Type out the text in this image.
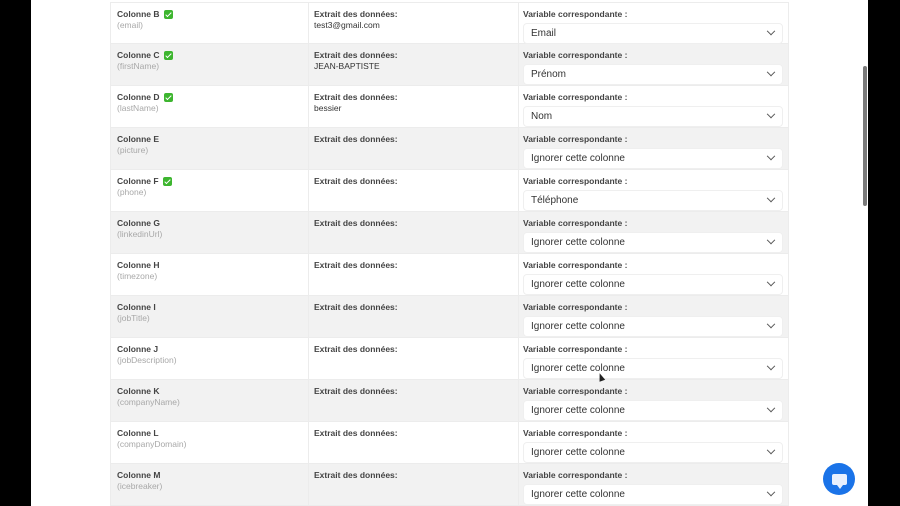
Colonne B
(email)
Extrait des données:
test3@gmail.com
Variable correspondante :
Email
Colonne C
(firstName)
Extrait des données:
JEAN-BAPTISTE
Variable correspondante :
Prénom
Colonne D
(lastName)
Extrait des données:
bessier
Variable correspondante :
Nom
Colonne E
(picture)
Extrait des données:	Variable correspondante :
Ignorer cette colonne
Colonne F
(phone)
Extrait des données:	Variable correspondante :
Téléphone
Colonne G
(linkedinUrl)
Extrait des données:	Variable correspondante :
Ignorer cette colonne
Colonne H
(timezone)
Extrait des données:	Variable correspondante :
Ignorer cette colonne
Colonne I
(jobTitle)
Extrait des données:	Variable correspondante :
Ignorer cette colonne
Colonne J
(jobDescription)
Extrait des données:	Variable correspondante :
Ignorer cette colonne
Colonne K
(companyName)
Extrait des données:	Variable correspondante :
Ignorer cette colonne
Colonne L
(companyDomain)
Extrait des données:	Variable correspondante :
Ignorer cette colonne
Colonne M
(icebreaker)
Extrait des données:	Variable correspondante :
Ignorer cette colonne
